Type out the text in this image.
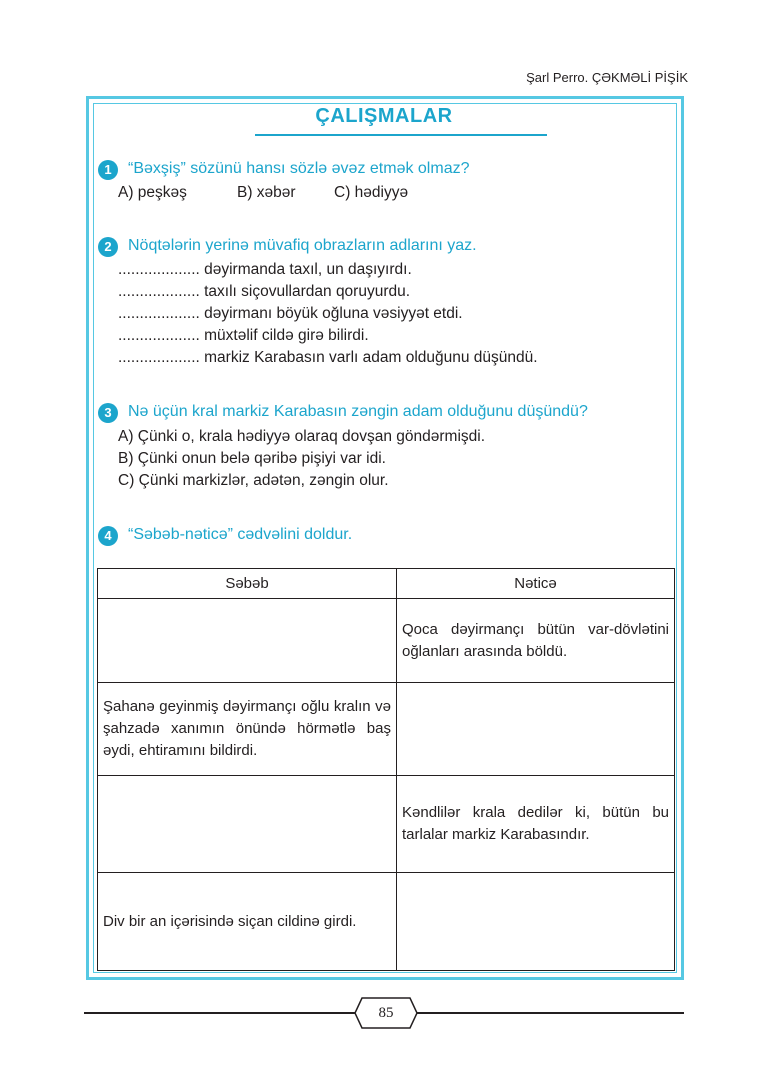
Şarl Perro. ÇƏKMƏLİ PİŞİK
ÇALIŞMALAR
1	“Bəxşiş” sözünü hansı sözlə əvəz etmək olmaz?
A) peşkəş	B) xəbər C) hədiyyə
2	Nöqtələrin yerinə müvafiq obrazların adlarını yaz.
................... dəyirmanda taxıl, un daşıyırdı.
................... taxılı siçovullardan qoruyurdu.
................... dəyirmanı böyük oğluna vəsiyyət etdi.
................... müxtəlif cildə girə bilirdi.
................... markiz Karabasın varlı adam olduğunu düşündü.
3	Nə üçün kral markiz Karabasın zəngin adam olduğunu düşündü?
A) Çünki o, krala hədiyyə olaraq dovşan göndərmişdi.
B) Çünki onun belə qəribə pişiyi var idi.
C) Çünki markizlər, adətən, zəngin olur.
4	“Səbəb-nəticə” cədvəlini doldur.
Səbəb	Nəticə
	Qoca dəyirmançı bütün var-dövlətini oğlanları arasında böldü.
Şahanə geyinmiş dəyirmançı oğlu kralın və şahzadə xanımın önündə hörmətlə baş əydi, ehtiramını bildirdi.	
	Kəndlilər krala dedilər ki, bütün bu tarlalar markiz Karabasındır.
Div bir an içərisində siçan cildinə girdi.	
85
